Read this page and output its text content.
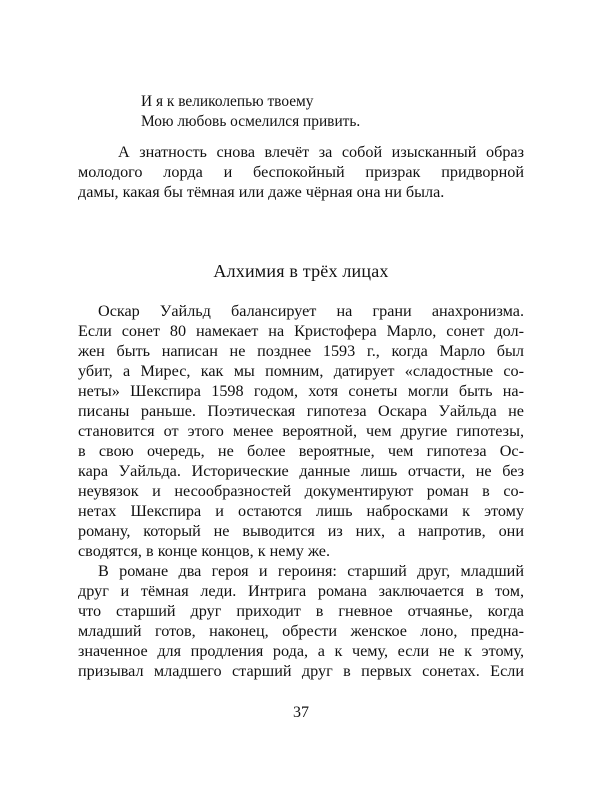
И я к великолепью твоему
Мою любовь осмелился привить.
А знатность снова влечёт за собой изысканный образ
молодого лорда и беспокойный призрак придворной
дамы, какая бы тёмная или даже чёрная она ни была.
Алхимия в трёх лицах
Оскар Уайльд балансирует на грани анахронизма.
Если сонет 80 намекает на Кристофера Марло, сонет дол-
жен быть написан не позднее 1593 г., когда Марло был
убит, а Мирес, как мы помним, датирует «сладостные со-
неты» Шекспира 1598 годом, хотя сонеты могли быть на-
писаны раньше. Поэтическая гипотеза Оскара Уайльда не
становится от этого менее вероятной, чем другие гипотезы,
в свою очередь, не более вероятные, чем гипотеза Ос-
кара Уайльда. Исторические данные лишь отчасти, не без
неувязок и несообразностей документируют роман в со-
нетах Шекспира и остаются лишь набросками к этому
роману, который не выводится из них, а напротив, они
сводятся, в конце концов, к нему же.
В романе два героя и героиня: старший друг, младший
друг и тёмная леди. Интрига романа заключается в том,
что старший друг приходит в гневное отчаянье, когда
младший готов, наконец, обрести женское лоно, предна-
значенное для продления рода, а к чему, если не к этому,
призывал младшего старший друг в первых сонетах. Если
37
